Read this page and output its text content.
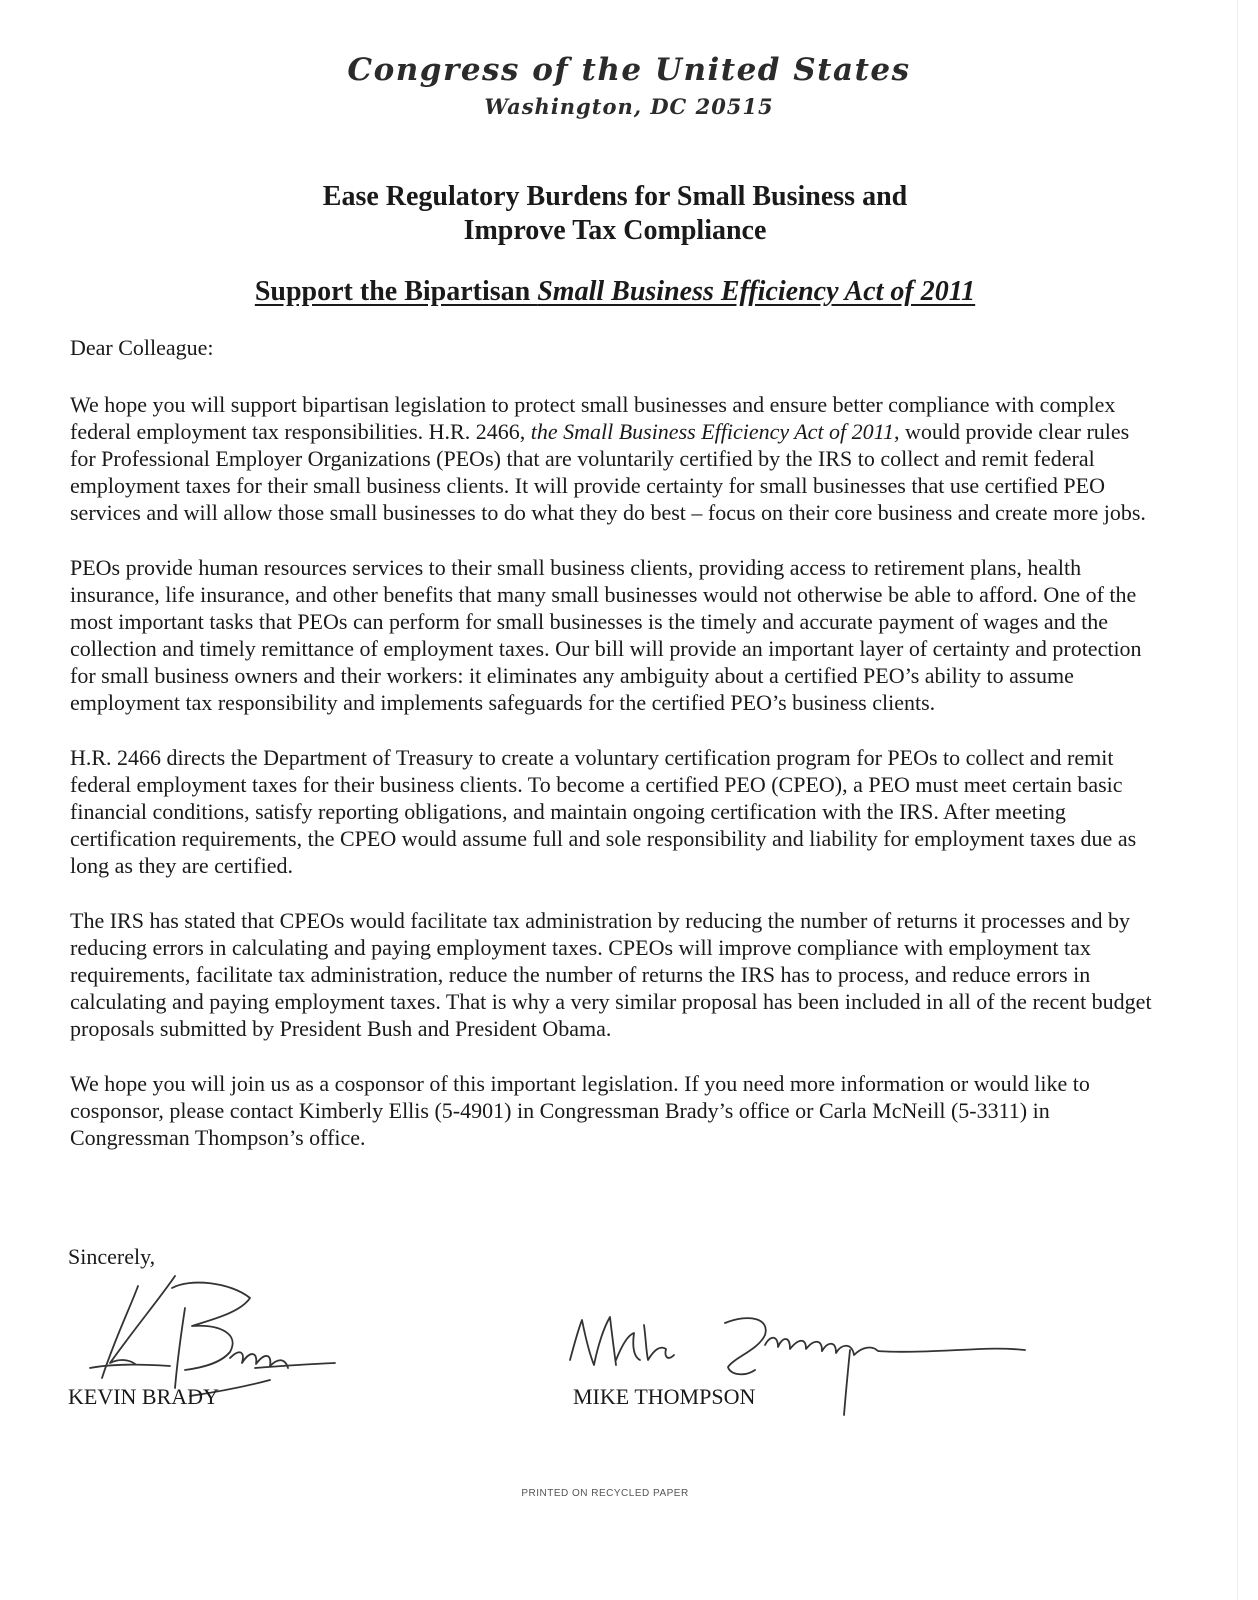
Congress of the United States
Washington, DC 20515
Ease Regulatory Burdens for Small Business and
Improve Tax Compliance
Support the Bipartisan Small Business Efficiency Act of 2011

Dear Colleague:

We hope you will support bipartisan legislation to protect small businesses and ensure better compliance with complex federal employment tax responsibilities. H.R. 2466, the Small Business Efficiency Act of 2011, would provide clear rules for Professional Employer Organizations (PEOs) that are voluntarily certified by the IRS to collect and remit federal employment taxes for their small business clients. It will provide certainty for small businesses that use certified PEO services and will allow those small businesses to do what they do best – focus on their core business and create more jobs.

PEOs provide human resources services to their small business clients, providing access to retirement plans, health insurance, life insurance, and other benefits that many small businesses would not otherwise be able to afford. One of the most important tasks that PEOs can perform for small businesses is the timely and accurate payment of wages and the collection and timely remittance of employment taxes. Our bill will provide an important layer of certainty and protection for small business owners and their workers: it eliminates any ambiguity about a certified PEO’s ability to assume employment tax responsibility and implements safeguards for the certified PEO’s business clients.

H.R. 2466 directs the Department of Treasury to create a voluntary certification program for PEOs to collect and remit federal employment taxes for their business clients. To become a certified PEO (CPEO), a PEO must meet certain basic financial conditions, satisfy reporting obligations, and maintain ongoing certification with the IRS. After meeting certification requirements, the CPEO would assume full and sole responsibility and liability for employment taxes due as long as they are certified.

The IRS has stated that CPEOs would facilitate tax administration by reducing the number of returns it processes and by reducing errors in calculating and paying employment taxes. CPEOs will improve compliance with employment tax requirements, facilitate tax administration, reduce the number of returns the IRS has to process, and reduce errors in calculating and paying employment taxes. That is why a very similar proposal has been included in all of the recent budget proposals submitted by President Bush and President Obama.

We hope you will join us as a cosponsor of this important legislation. If you need more information or would like to cosponsor, please contact Kimberly Ellis (5-4901) in Congressman Brady’s office or Carla McNeill (5-3311) in Congressman Thompson’s office.

Sincerely,
KEVIN BRADY	MIKE THOMPSON
PRINTED ON RECYCLED PAPER
